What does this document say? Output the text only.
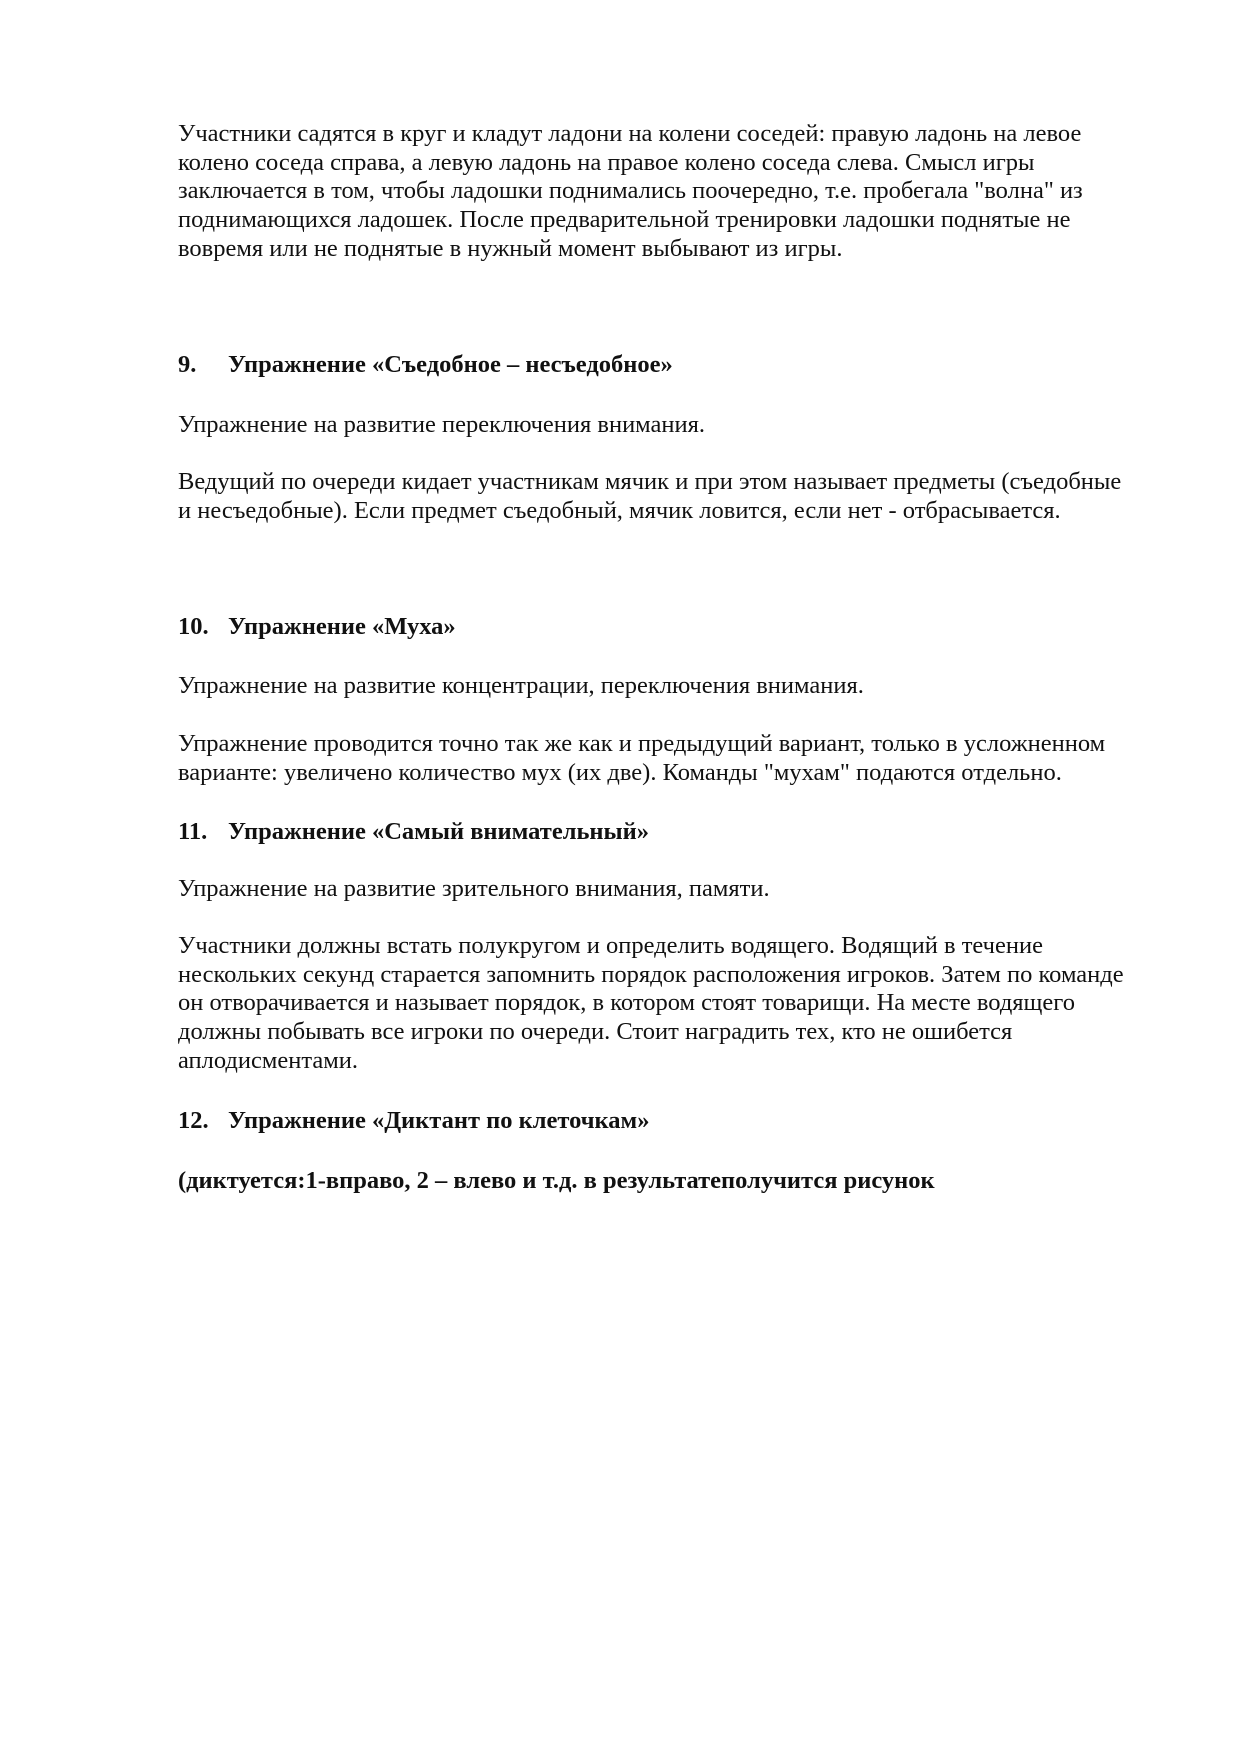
Участники садятся в круг и кладут ладони на колени соседей: правую ладонь на левое
колено соседа справа, а левую ладонь на правое колено соседа слева. Смысл игры
заключается в том, чтобы ладошки поднимались поочередно, т.е. пробегала "волна" из
поднимающихся ладошек. После предварительной тренировки ладошки поднятые не
вовремя или не поднятые в нужный момент выбывают из игры.
9. Упражнение «Съедобное – несъедобное»
Упражнение на развитие переключения внимания.
Ведущий по очереди кидает участникам мячик и при этом называет предметы (съедобные
и несъедобные). Если предмет съедобный, мячик ловится, если нет - отбрасывается.
10. Упражнение «Муха»
Упражнение на развитие концентрации, переключения внимания.
Упражнение проводится точно так же как и предыдущий вариант, только в усложненном
варианте: увеличено количество мух (их две). Команды "мухам" подаются отдельно.
11. Упражнение «Самый внимательный»
Упражнение на развитие зрительного внимания, памяти.
Участники должны встать полукругом и определить водящего. Водящий в течение
нескольких секунд старается запомнить порядок расположения игроков. Затем по команде
он отворачивается и называет порядок, в котором стоят товарищи. На месте водящего
должны побывать все игроки по очереди. Стоит наградить тех, кто не ошибется
аплодисментами.
12. Упражнение «Диктант по клеточкам»
(диктуется:1-вправо, 2 – влево и т.д. в результатеполучится рисунок
